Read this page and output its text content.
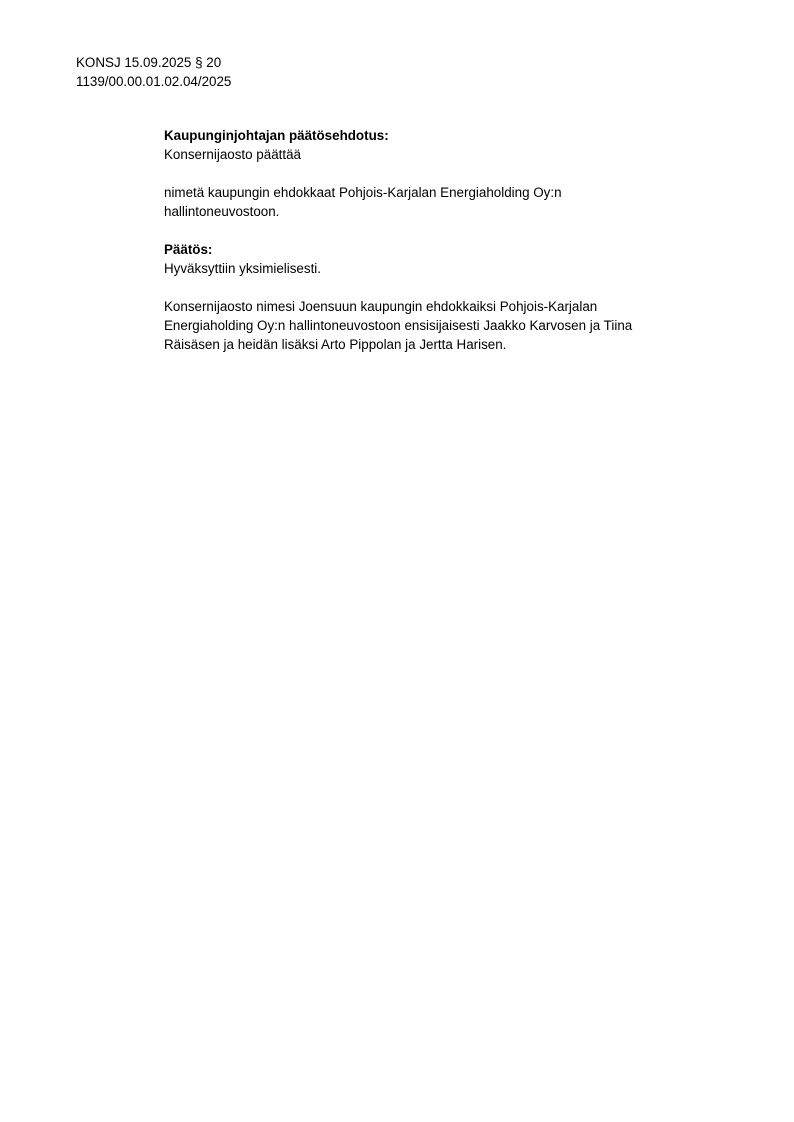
KONSJ 15.09.2025 § 20
1139/00.00.01.02.04/2025
Kaupunginjohtajan päätösehdotus:
Konsernijaosto päättää
nimetä kaupungin ehdokkaat Pohjois-Karjalan Energiaholding Oy:n
hallintoneuvostoon.
Päätös:
Hyväksyttiin yksimielisesti.
Konsernijaosto nimesi Joensuun kaupungin ehdokkaiksi Pohjois-Karjalan
Energiaholding Oy:n hallintoneuvostoon ensisijaisesti Jaakko Karvosen ja Tiina
Räisäsen ja heidän lisäksi Arto Pippolan ja Jertta Harisen.
